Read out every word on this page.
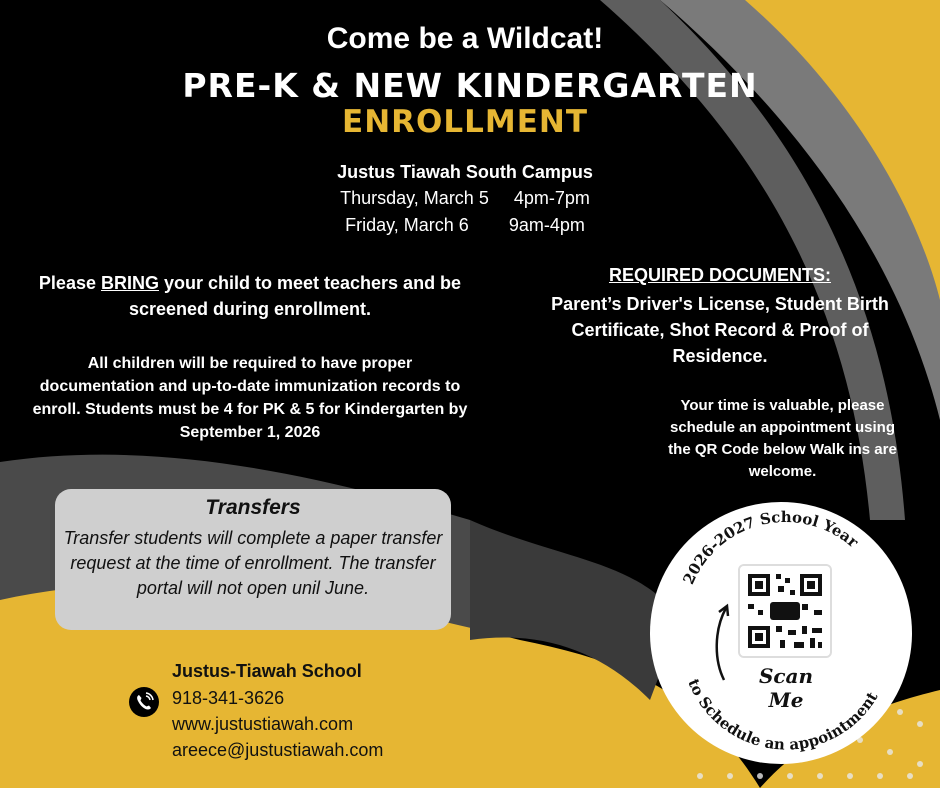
Come be a Wildcat!
PRE-K & NEW KINDERGARTEN
ENROLLMENT
Justus Tiawah South Campus
Thursday, March 5 4pm-7pm
Friday, March 6 9am-4pm
Please BRING your child to meet teachers and be screened during enrollment.
All children will be required to have proper documentation and up-to-date immunization records to enroll. Students must be 4 for PK & 5 for Kindergarten by September 1, 2026
REQUIRED DOCUMENTS:
Parent’s Driver's License, Student Birth Certificate, Shot Record & Proof of Residence.
Your time is valuable, please schedule an appointment using the QR Code below Walk ins are welcome.
Transfers
Transfer students will complete a paper transfer request at the time of enrollment. The transfer portal will not open unil June.
Justus-Tiawah School
918-341-3626
www.justustiawah.com
areece@justustiawah.com
2026-2027 School Year
to Schedule an appointment
Scan Me
